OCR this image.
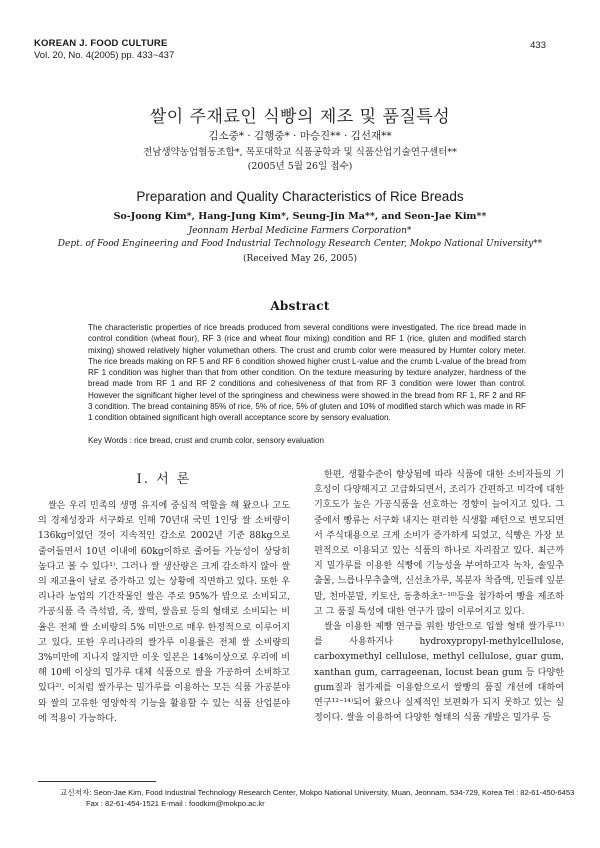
KOREAN J. FOOD CULTURE
Vol. 20, No. 4(2005) pp. 433~437
433
쌀이 주재료인 식빵의 제조 및 품질특성
김소중* · 김행중* · 마승진** · 김선재**
전남생약농업협동조합*, 목포대학교 식품공학과 및 식품산업기술연구센터**
(2005년 5월 26일 접수)
Preparation and Quality Characteristics of Rice Breads
So-Joong Kim*, Hang-Jung Kim*, Seung-Jin Ma**, and Seon-Jae Kim**
Jeonnam Herbal Medicine Farmers Corporation*
Dept. of Food Engineering and Food Industrial Technology Research Center, Mokpo National University**
(Received May 26, 2005)
Abstract
The characteristic properties of rice breads produced from several conditions were investigated. The rice bread made in control condition (wheat flour), RF 3 (rice and wheat flour mixing) condition and RF 1 (rice, gluten and modified starch mixing) showed relatively higher volumethan others. The crust and crumb color were measured by Humter colory meter. The rice breads making on RF 5 and RF 6 condition showed higher crust L-value and the crumb L-value of the bread from RF 1 condition was higher than that from other condition. On the texture measuring by texture analyzer, hardness of the bread made from RF 1 and RF 2 conditions and cohesiveness of that from RF 3 condition were lower than control. However the significant higher level of the springiness and chewiness were showed in the bread from RF 1, RF 2 and RF 3 condition. The bread containing 85% of rice, 5% of rice, 5% of gluten and 10% of modified starch which was made in RF 1 condition obtained significant high overall acceptance score by sensory evaluation.
Key Words : rice bread, crust and crumb color, sensory evaluation
I. 서 론

쌀은 우리 민족의 생명 유지에 중심적 역할을 해 왔으나 고도의 경제성장과 서구화로 인해 70년대 국민 1인당 쌀 소비량이 136kg이었던 것이 지속적인 감소로 2002년 기준 88kg으로 줄어들면서 10년 이내에 60kg이하로 줄어들 가능성이 상당히 높다고 볼 수 있다¹⁾. 그러나 쌀 생산량은 크게 감소하지 않아 쌀의 재고율이 날로 증가하고 있는 상황에 직면하고 있다. 또한 우리나라 농업의 기간작물인 쌀은 주로 95%가 밥으로 소비되고, 가공식품 즉 즉석밥, 죽, 쌀떡, 쌀음료 등의 형태로 소비되는 비율은 전체 쌀 소비량의 5% 미만으로 매우 한정적으로 이루어지고 있다. 또한 우리나라의 쌀가루 이용률은 전체 쌀 소비량의 3%미만에 지나지 않지만 이웃 일본은 14%이상으로 우리에 비해 10배 이상의 밀가루 대체 식품으로 쌀을 가공하여 소비하고 있다²⁾. 이처럼 쌀가루는 밀가루를 이용하는 모든 식품 가공분야와 쌀의 고유한 영양학적 기능을 활용할 수 있는 식품 산업분야에 적용이 가능하다.

한편, 생활수준이 향상됨에 따라 식품에 대한 소비자들의 기호성이 다양해지고 고급화되면서, 조리가 간편하고 미각에 대한 기호도가 높은 가공식품을 선호하는 경향이 늘어지고 있다. 그중에서 빵류는 서구화 내지는 편리한 식생활 패턴으로 변모되면서 주식대용으로 크게 소비가 증가하게 되었고, 식빵은 가장 보편적으로 이용되고 있는 식품의 하나로 자리잡고 있다. 최근까지 밀가루를 이용한 식빵에 기능성을 부여하고자 녹차, 솔잎추출물, 느릅나무추출액, 신선초가루, 복분자 착즙액, 민들레 잎분말, 천마분말, 키토산, 동충하초³⁻¹⁰⁾등을 첨가하여 빵을 제조하고 그 품질 특성에 대한 연구가 많이 이루어지고 있다.

쌀을 이용한 제빵 연구를 위한 방안으로 입쌀 형태 쌀가루¹¹⁾를 사용하거나 hydroxypropyl-methylcellulose, carboxymethyl cellulose, methyl cellulose, guar gum, xanthan gum, carrageenan, locust bean gum 등 다양한 gum질과 첨가제를 이용함으로서 쌀빵의 품질 개선에 대하여 연구¹²⁻¹⁴⁾되어 왔으나 실제적인 보편화가 되지 못하고 있는 실정이다. 쌀을 이용하여 다양한 형태의 식품 개발은 밀가루 등

교신저자: Seon-Jae Kim, Food Industrial Technology Research Center, Mokpo National University, Muan, Jeonnam, 534-729, Korea Tel : 82-61-450-6453
Fax : 82-61-454-1521 E-mail : foodkim@mokpo.ac.kr
